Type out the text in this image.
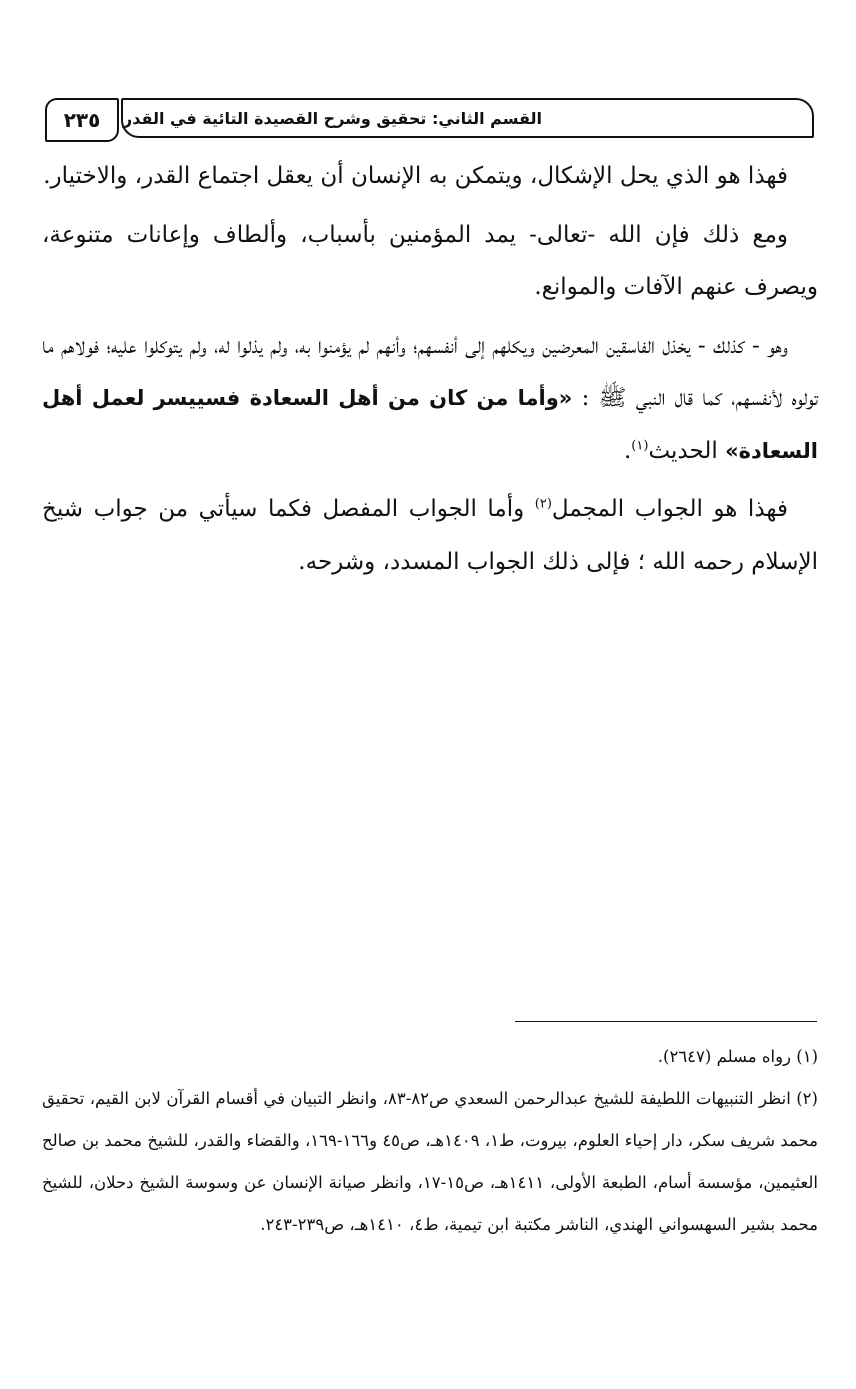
٢٣٥	القسم الثاني: تحقيق وشرح القصيدة التائية في القدر

فهذا هو الذي يحل الإشكال، ويتمكن به الإنسان أن يعقل اجتماع القدر، والاختيار.

ومع ذلك فإن الله -تعالى- يمد المؤمنين بأسباب، وألطاف وإعانات متنوعة، ويصرف عنهم الآفات والموانع.

وهو - كذلك - يخذل الفاسقين المعرضين ويكلهم إلى أنفسهم؛ وأنهم لم يؤمنوا به، ولم يذلوا له، ولم يتوكلوا عليه؛ فولاهم ما تولوه لأنفسهم، كما قال النبي ﷺ : «وأما من كان من أهل السعادة فسييسر لعمل أهل السعادة» الحديث$^{(١)}$.

فهذا هو الجواب المجمل$^{(٢)}$ وأما الجواب المفصل فكما سيأتي من جواب شيخ الإسلام رحمه الله ؛ فإلى ذلك الجواب المسدد، وشرحه.

(١) رواه مسلم (٢٦٤٧).

(٢) انظر التنبيهات اللطيفة للشيخ عبدالرحمن السعدي ص٨٢-٨٣، وانظر التبيان في أقسام القرآن لابن القيم، تحقيق محمد شريف سكر، دار إحياء العلوم، بيروت، ط١، ١٤٠٩هـ، ص٤٥ و١٦٦-١٦٩، والقضاء والقدر، للشيخ محمد بن صالح العثيمين، مؤسسة أسام، الطبعة الأولى، ١٤١١هـ، ص١٥-١٧، وانظر صيانة الإنسان عن وسوسة الشيخ دحلان، للشيخ محمد بشير السهسواني الهندي، الناشر مكتبة ابن تيمية، ط٤، ١٤١٠هـ، ص٢٣٩-٢٤٣.
